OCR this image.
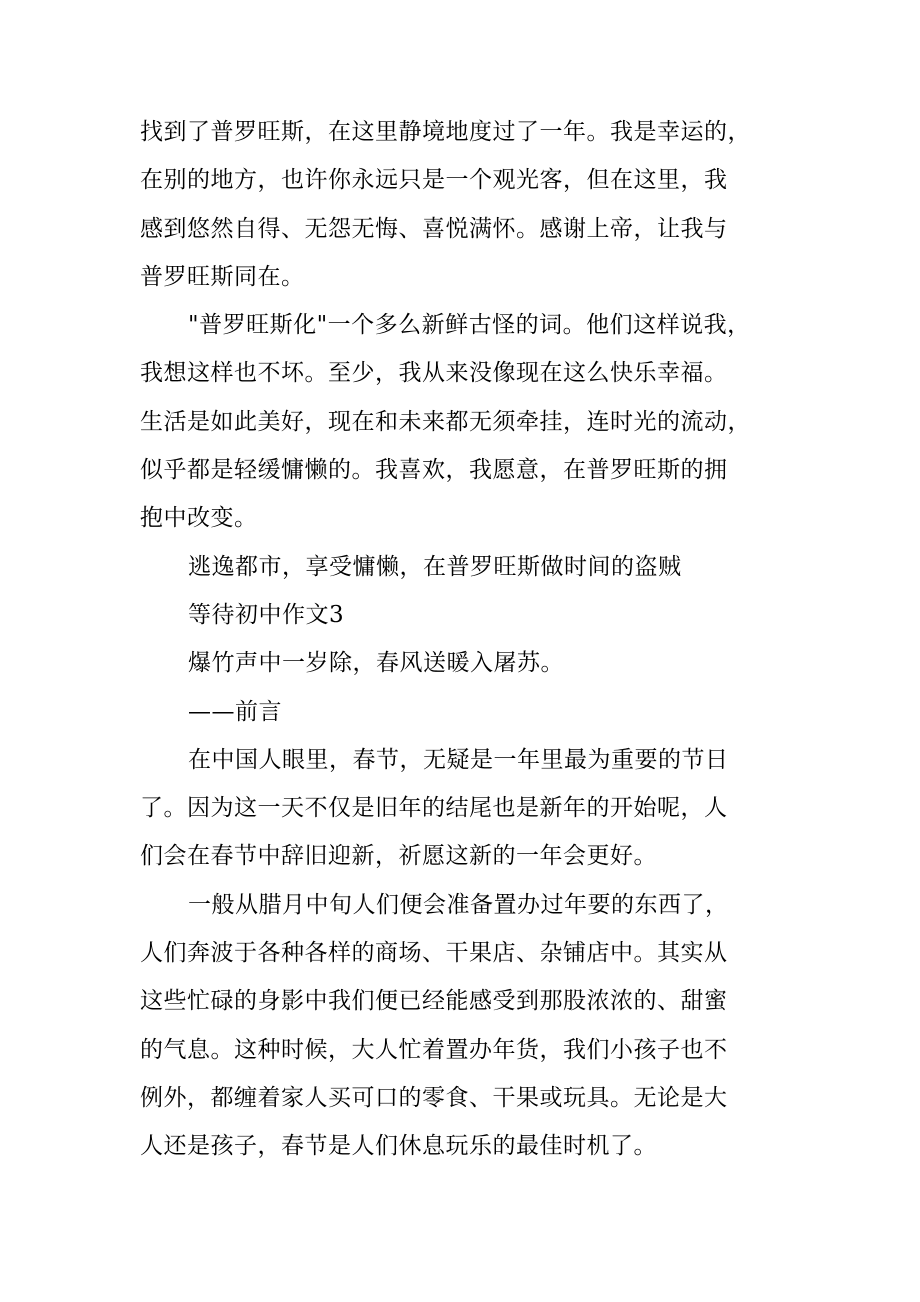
找到了普罗旺斯，在这里静境地度过了一年。我是幸运的，
在别的地方，也许你永远只是一个观光客，但在这里，我
感到悠然自得、无怨无悔、喜悦满怀。感谢上帝，让我与
普罗旺斯同在。
"普罗旺斯化"一个多么新鲜古怪的词。他们这样说我，
我想这样也不坏。至少，我从来没像现在这么快乐幸福。
生活是如此美好，现在和未来都无须牵挂，连时光的流动，
似乎都是轻缓慵懒的。我喜欢，我愿意，在普罗旺斯的拥
抱中改变。
逃逸都市，享受慵懒，在普罗旺斯做时间的盗贼
等待初中作文3
爆竹声中一岁除，春风送暖入屠苏。
——前言
在中国人眼里，春节，无疑是一年里最为重要的节日
了。因为这一天不仅是旧年的结尾也是新年的开始呢，人
们会在春节中辞旧迎新，祈愿这新的一年会更好。
一般从腊月中旬人们便会准备置办过年要的东西了，
人们奔波于各种各样的商场、干果店、杂铺店中。其实从
这些忙碌的身影中我们便已经能感受到那股浓浓的、甜蜜
的气息。这种时候，大人忙着置办年货，我们小孩子也不
例外，都缠着家人买可口的零食、干果或玩具。无论是大
人还是孩子，春节是人们休息玩乐的最佳时机了。
